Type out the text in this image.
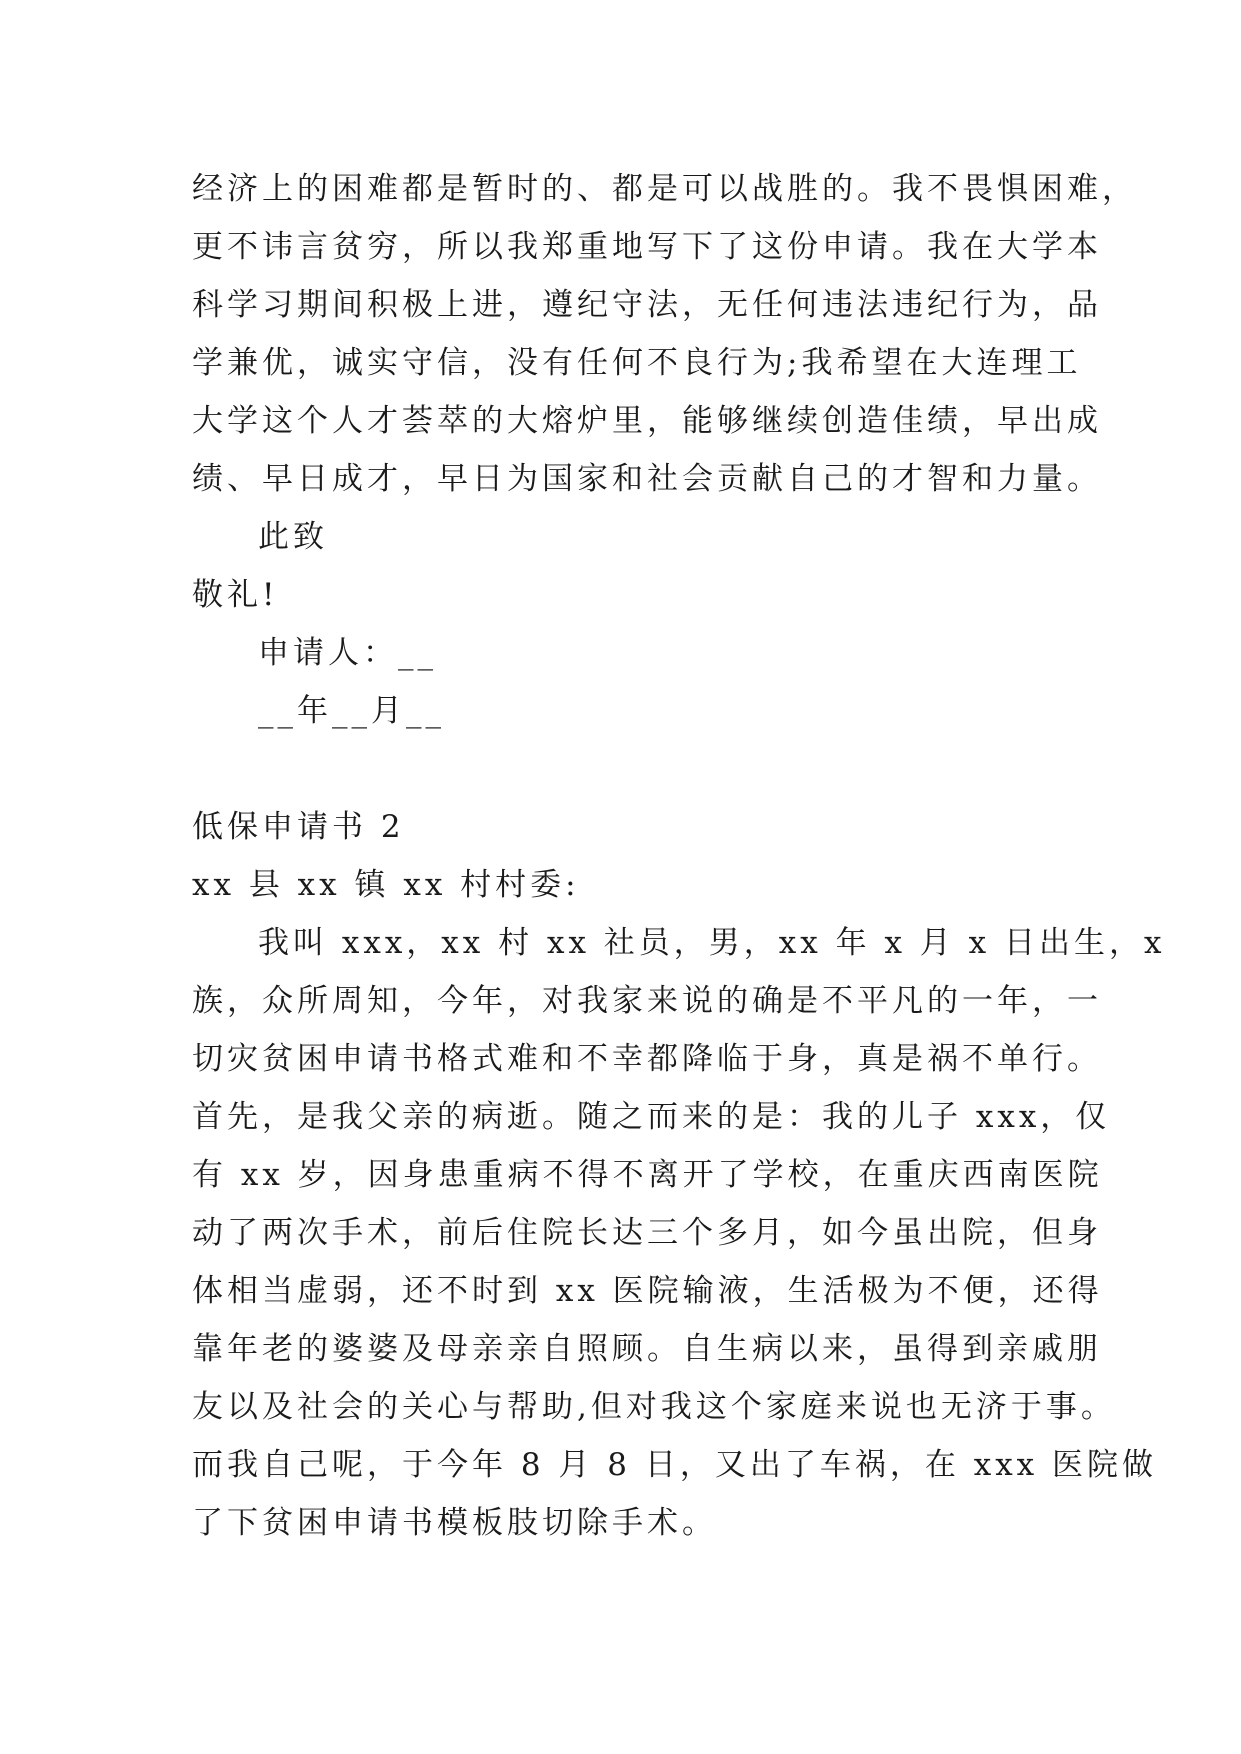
经济上的困难都是暂时的、都是可以战胜的。我不畏惧困难，
更不讳言贫穷，所以我郑重地写下了这份申请。我在大学本
科学习期间积极上进，遵纪守法，无任何违法违纪行为，品
学兼优，诚实守信，没有任何不良行为;我希望在大连理工
大学这个人才荟萃的大熔炉里，能够继续创造佳绩，早出成
绩、早日成才，早日为国家和社会贡献自己的才智和力量。
此致
敬礼!
申请人：__
__年__月__
低保申请书 2
xx 县 xx 镇 xx 村村委:
我叫 xxx，xx 村 xx 社员，男，xx 年 x 月 x 日出生，x
族，众所周知，今年，对我家来说的确是不平凡的一年，一
切灾贫困申请书格式难和不幸都降临于身，真是祸不单行。
首先，是我父亲的病逝。随之而来的是：我的儿子 xxx，仅
有 xx 岁，因身患重病不得不离开了学校，在重庆西南医院
动了两次手术，前后住院长达三个多月，如今虽出院，但身
体相当虚弱，还不时到 xx 医院输液，生活极为不便，还得
靠年老的婆婆及母亲亲自照顾。自生病以来，虽得到亲戚朋
友以及社会的关心与帮助,但对我这个家庭来说也无济于事。
而我自己呢，于今年 8 月 8 日，又出了车祸，在 xxx 医院做
了下贫困申请书模板肢切除手术。
